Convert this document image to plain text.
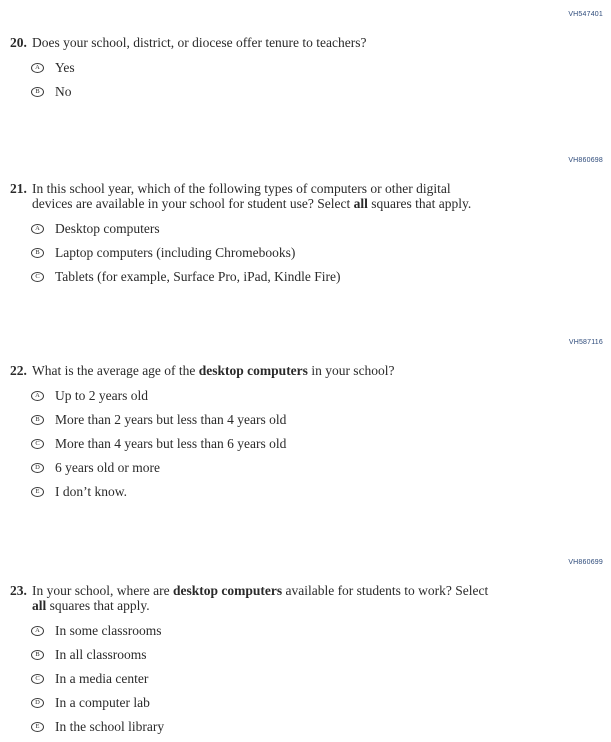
VH547401
20. Does your school, district, or diocese offer tenure to teachers?
A Yes
B No
VH860698
21. In this school year, which of the following types of computers or other digital
devices are available in your school for student use? Select all squares that apply.
A Desktop computers
B Laptop computers (including Chromebooks)
C Tablets (for example, Surface Pro, iPad, Kindle Fire)
VH587116
22. What is the average age of the desktop computers in your school?
A Up to 2 years old
B More than 2 years but less than 4 years old
C More than 4 years but less than 6 years old
D 6 years old or more
E I don’t know.
VH860699
23. In your school, where are desktop computers available for students to work? Select
all squares that apply.
A In some classrooms
B In all classrooms
C In a media center
D In a computer lab
E In the school library
